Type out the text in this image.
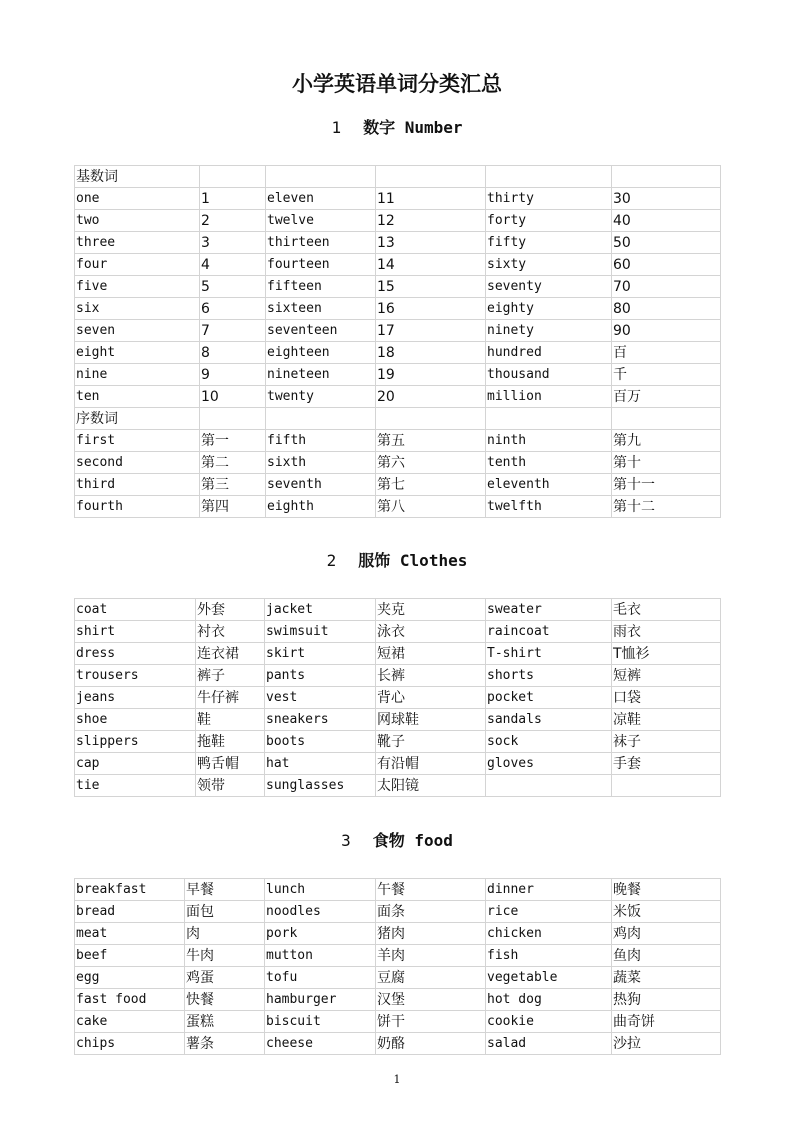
小学英语单词分类汇总
1 数字 Number
基数词					
one	1	eleven	11	thirty	30
two	2	twelve	12	forty	40
three	3	thirteen	13	fifty	50
four	4	fourteen	14	sixty	60
five	5	fifteen	15	seventy	70
six	6	sixteen	16	eighty	80
seven	7	seventeen	17	ninety	90
eight	8	eighteen	18	hundred	百
nine	9	nineteen	19	thousand	千
ten	10	twenty	20	million	百万
序数词					
first	第一	fifth	第五	ninth	第九
second	第二	sixth	第六	tenth	第十
third	第三	seventh	第七	eleventh	第十一
fourth	第四	eighth	第八	twelfth	第十二
2 服饰 Clothes
coat	外套	jacket	夹克	sweater	毛衣
shirt	衬衣	swimsuit	泳衣	raincoat	雨衣
dress	连衣裙	skirt	短裙	T-shirt	T恤衫
trousers	裤子	pants	长裤	shorts	短裤
jeans	牛仔裤	vest	背心	pocket	口袋
shoe	鞋	sneakers	网球鞋	sandals	凉鞋
slippers	拖鞋	boots	靴子	sock	袜子
cap	鸭舌帽	hat	有沿帽	gloves	手套
tie	领带	sunglasses	太阳镜		
3 食物 food
breakfast	早餐	lunch	午餐	dinner	晚餐
bread	面包	noodles	面条	rice	米饭
meat	肉	pork	猪肉	chicken	鸡肉
beef	牛肉	mutton	羊肉	fish	鱼肉
egg	鸡蛋	tofu	豆腐	vegetable	蔬菜
fast food	快餐	hamburger	汉堡	hot dog	热狗
cake	蛋糕	biscuit	饼干	cookie	曲奇饼
chips	薯条	cheese	奶酪	salad	沙拉
1
